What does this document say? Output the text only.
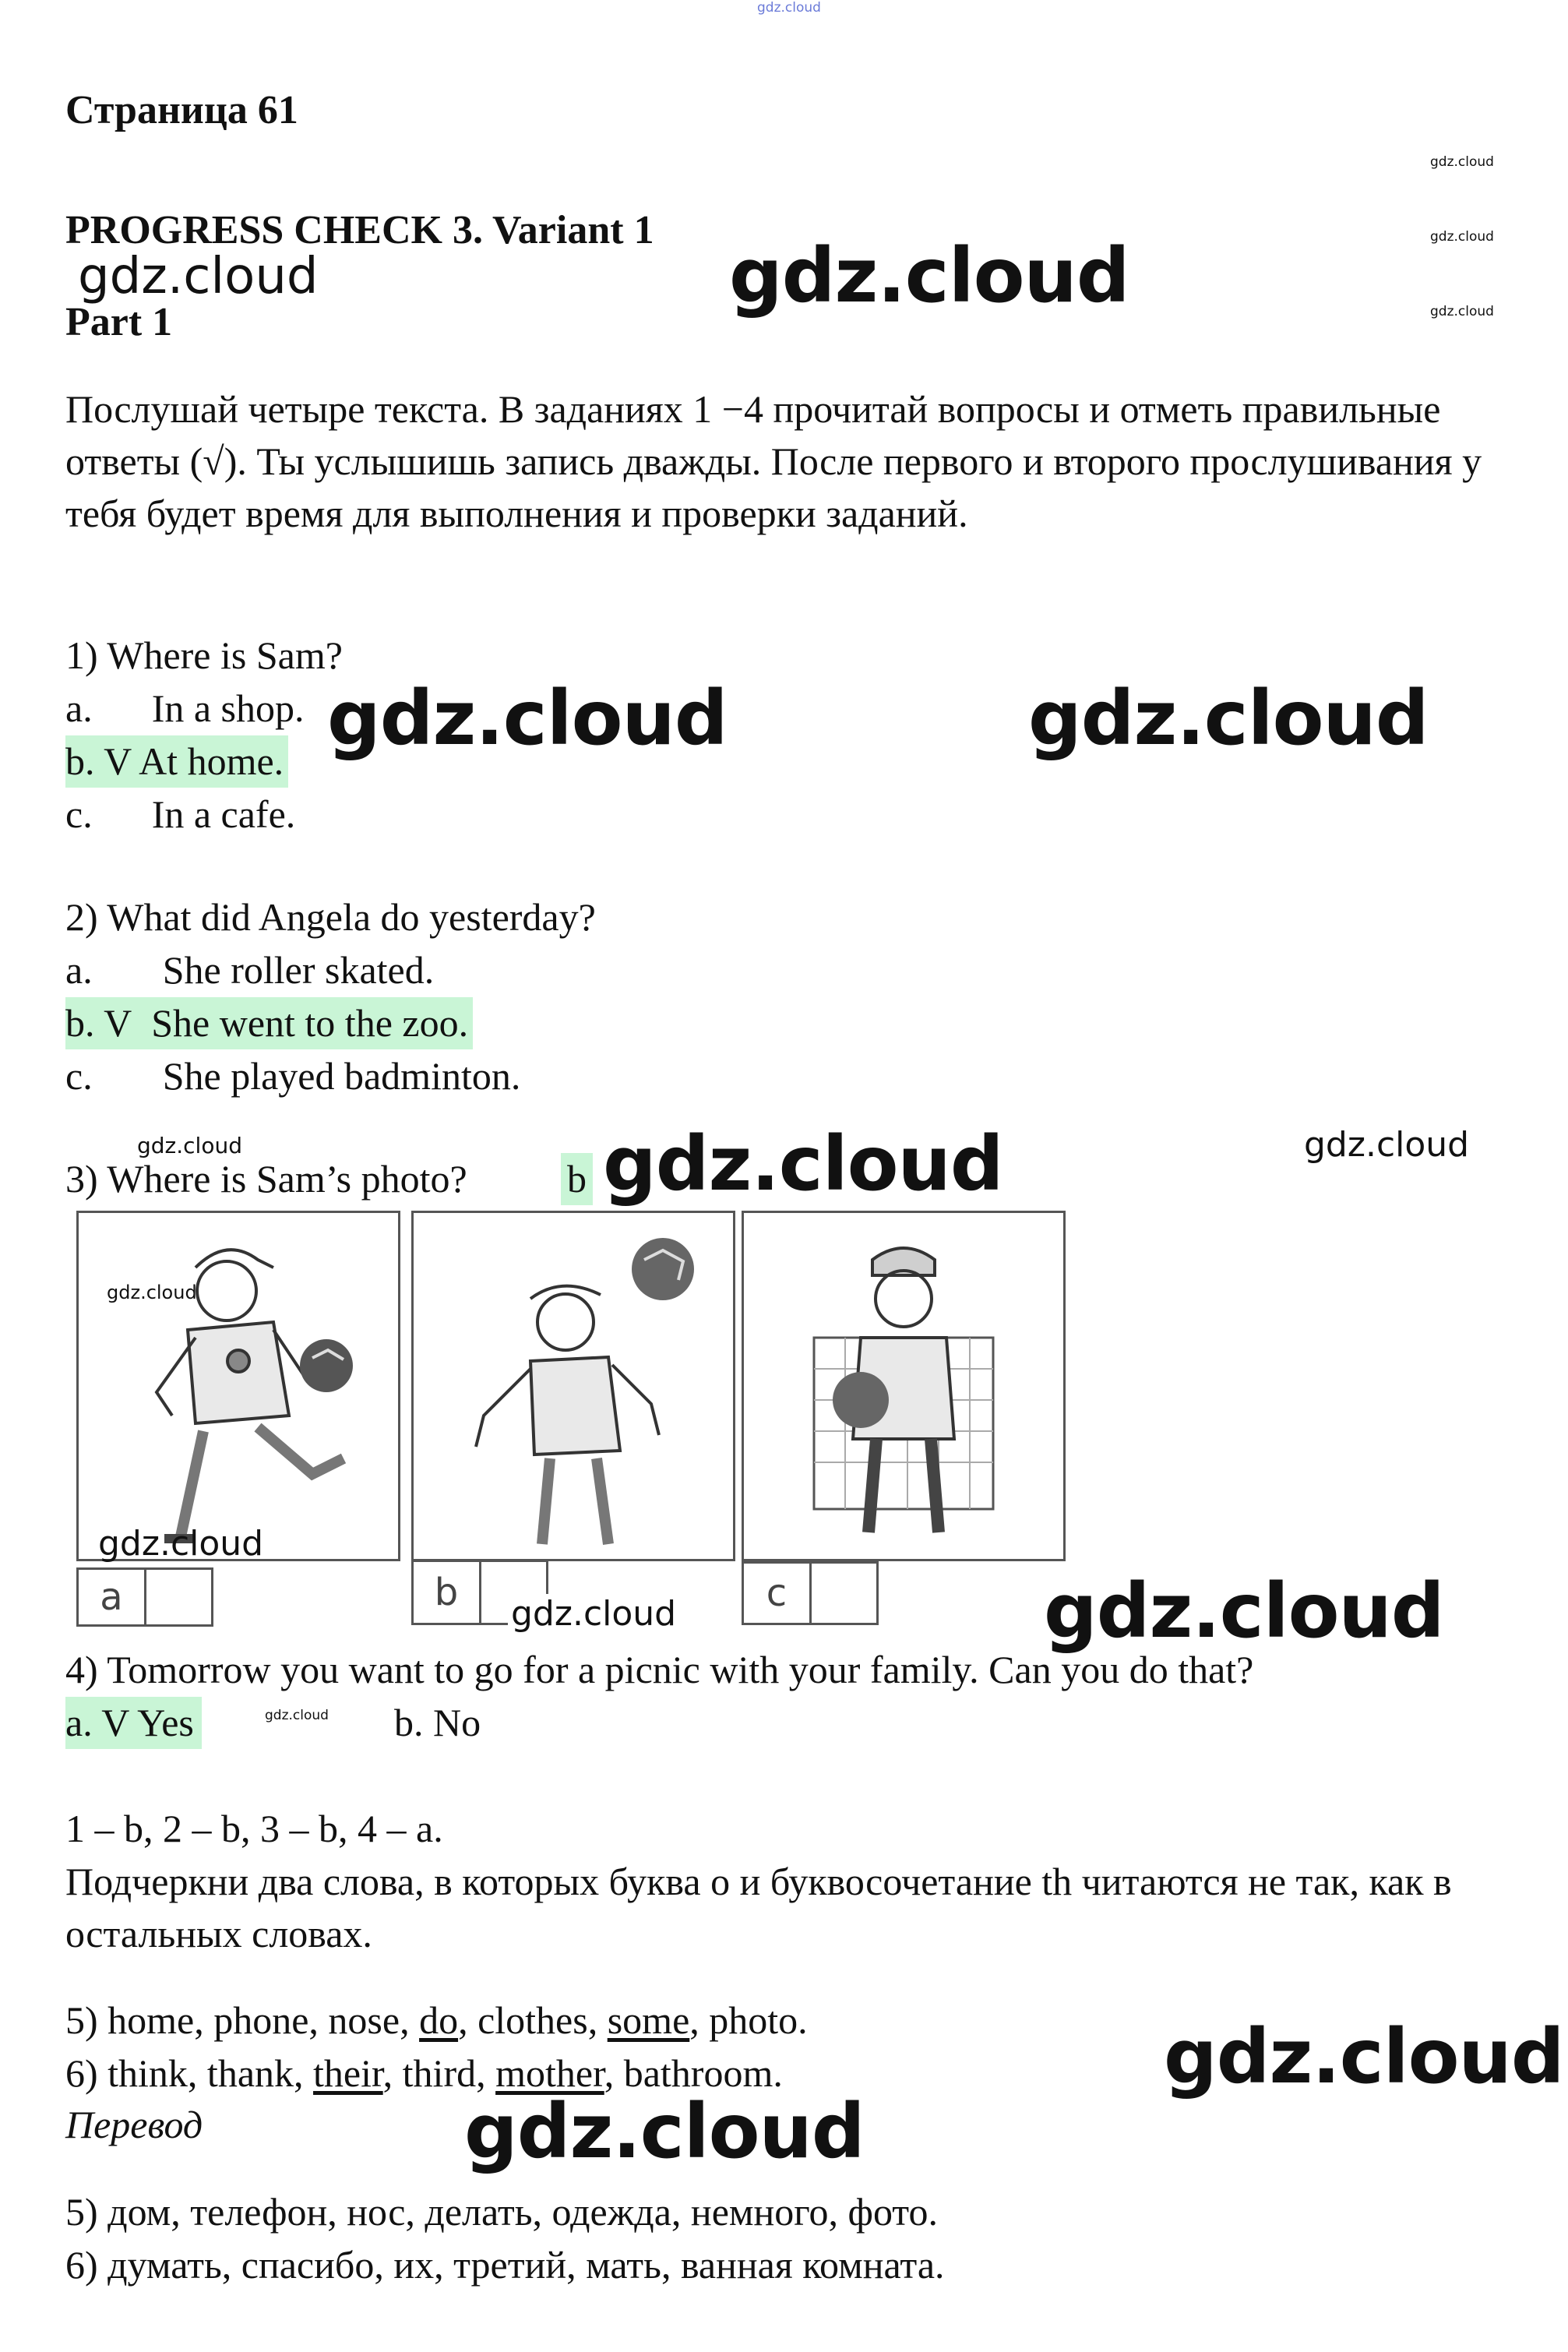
gdz.cloud
Страница 61
gdz.cloud
PROGRESS CHECK 3. Variant 1	gdz.cloud
gdz.cloud	gdz.cloud
Part 1	gdz.cloud
Послушай четыре текста. В заданиях 1 −4 прочитай вопросы и отметь правильные ответы (√). Ты услышишь запись дважды. После первого и второго прослушивания у тебя будет время для выполнения и проверки заданий.
1) Where is Sam?
a. In a shop.
b. V At home.
c. In a cafe.
gdz.cloud	gdz.cloud
2) What did Angela do yesterday?
a. She roller skated.
b. V She went to the zoo.
c. She played badminton.
gdz.cloud
3) Where is Sam’s photo?	b gdz.cloud	gdz.cloud
gdz.cloud
a	b	c
gdz.cloud
gdz.cloud	gdz.cloud
4) Tomorrow you want to go for a picnic with your family. Can you do that?
a. V Yes	gdz.cloud b. No
1 – b, 2 – b, 3 – b, 4 – a.
Подчеркни два слова, в которых буква о и буквосочетание th читаются не так, как в остальных словах.
5) home, phone, nose, do, clothes, some, photo.
6) think, thank, their, third, mother, bathroom.	gdz.cloud
Перевод	gdz.cloud
5) дом, телефон, нос, делать, одежда, немного, фото.
6) думать, спасибо, их, третий, мать, ванная комната.
